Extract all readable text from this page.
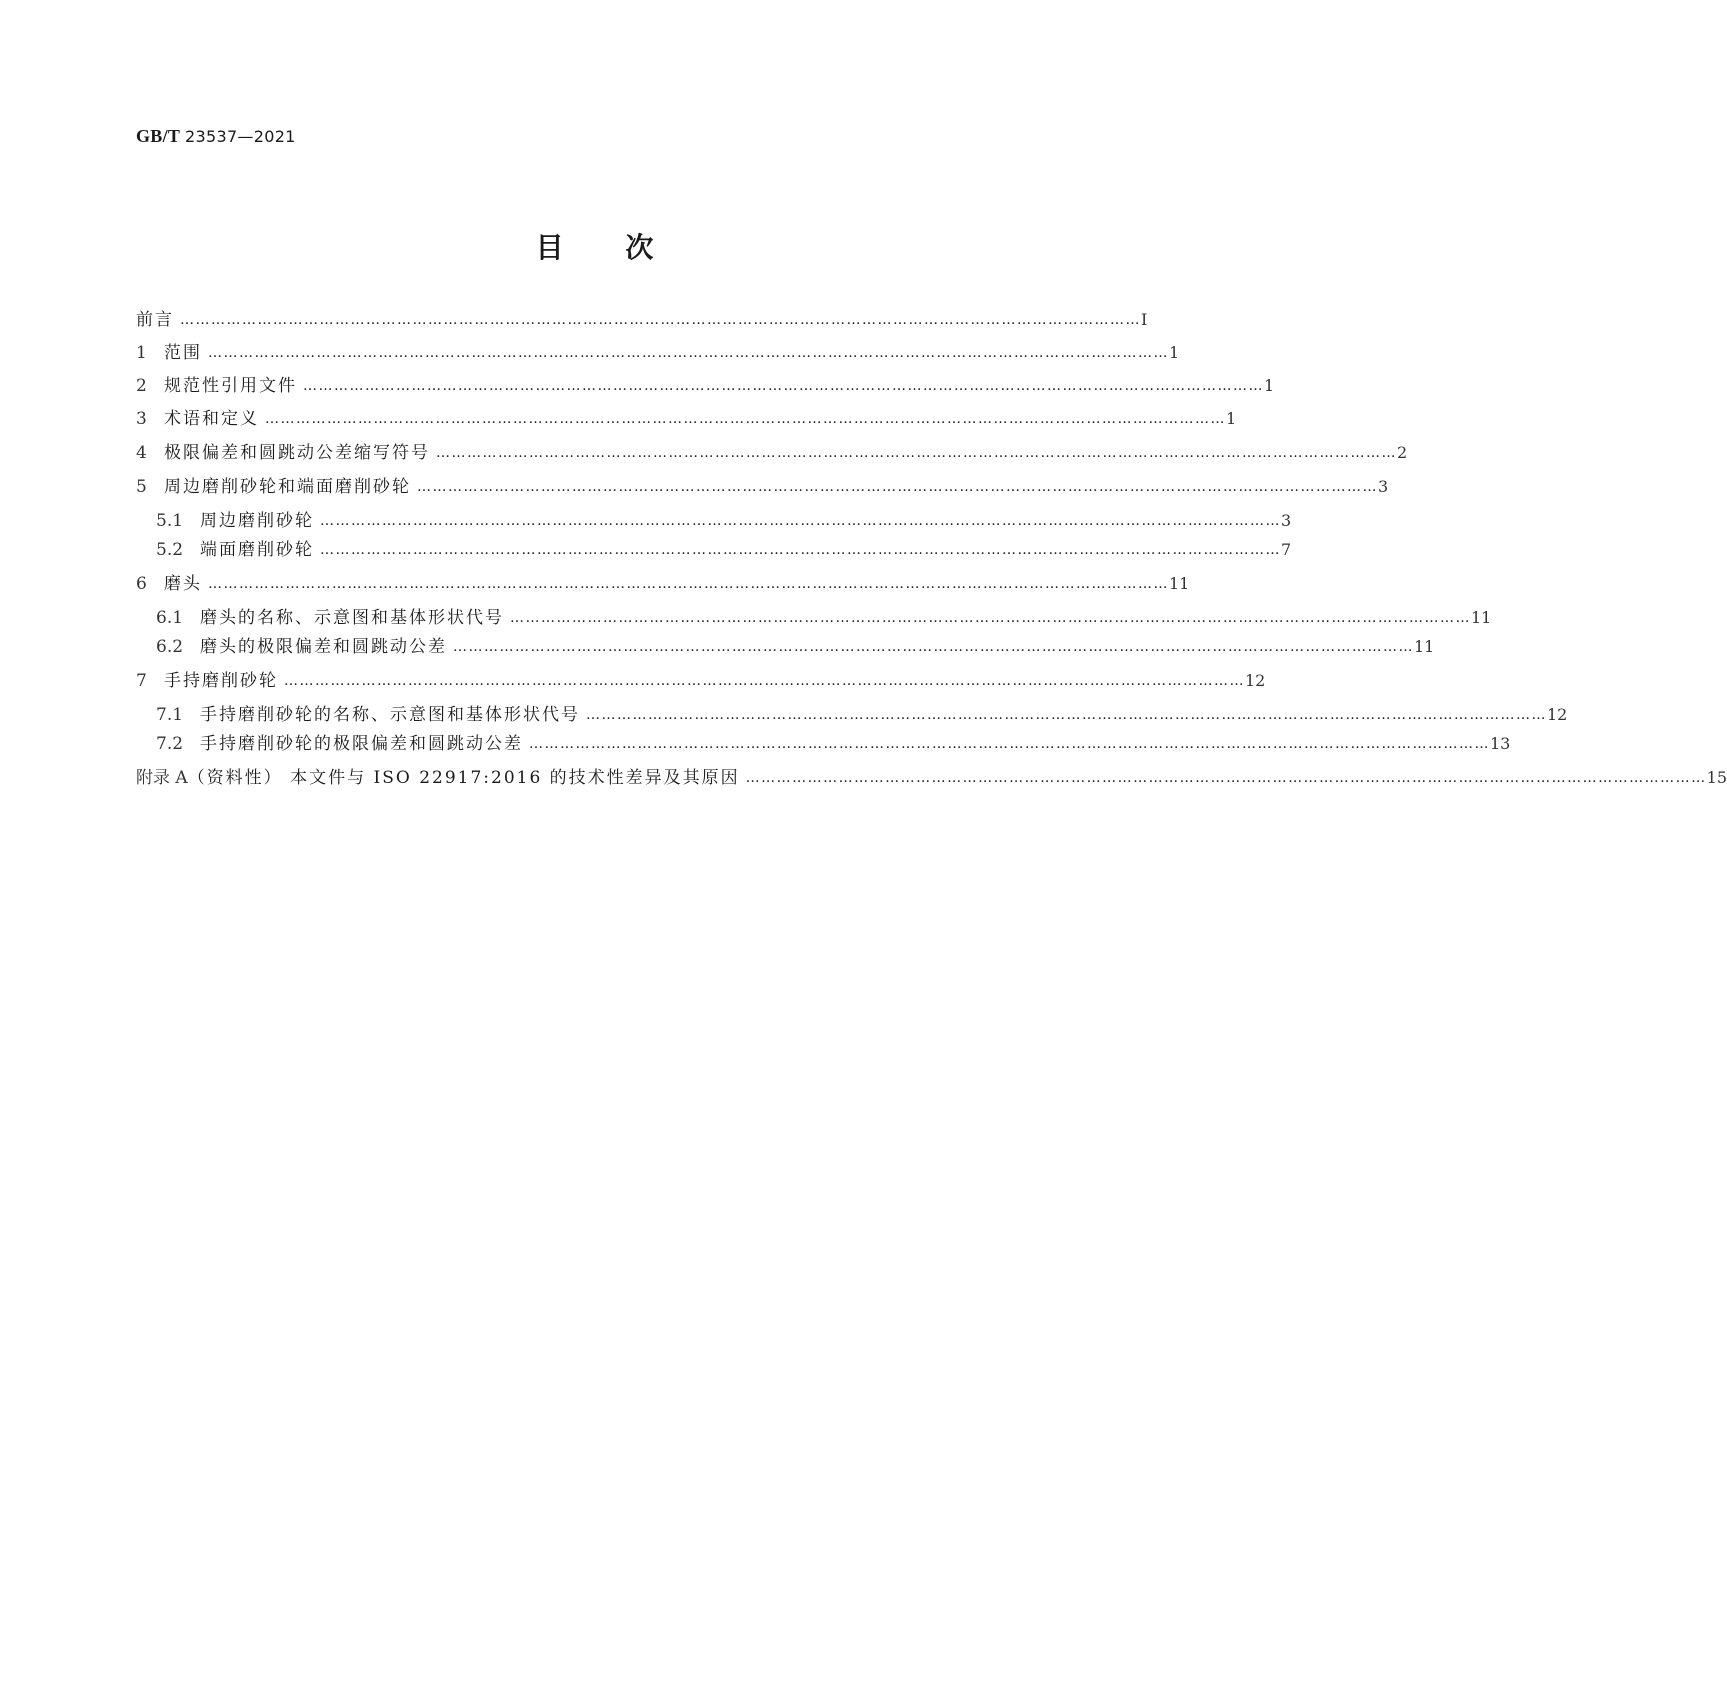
GB/T 23537—2021
目 次
前言 …………………………………………………………………………………………………………………………………………………………………… Ⅰ
1 范围 …………………………………………………………………………………………………………………………………………………………………… 1
2 规范性引用文件 …………………………………………………………………………………………………………………………………………………………………… 1
3 术语和定义 …………………………………………………………………………………………………………………………………………………………………… 1
4 极限偏差和圆跳动公差缩写符号 …………………………………………………………………………………………………………………………………………………………………… 2
5 周边磨削砂轮和端面磨削砂轮 …………………………………………………………………………………………………………………………………………………………………… 3
5.1 周边磨削砂轮 …………………………………………………………………………………………………………………………………………………………………… 3
5.2 端面磨削砂轮 …………………………………………………………………………………………………………………………………………………………………… 7
6 磨头 …………………………………………………………………………………………………………………………………………………………………… 11
6.1 磨头的名称、示意图和基体形状代号 …………………………………………………………………………………………………………………………………………………………………… 11
6.2 磨头的极限偏差和圆跳动公差 …………………………………………………………………………………………………………………………………………………………………… 11
7 手持磨削砂轮 …………………………………………………………………………………………………………………………………………………………………… 12
7.1 手持磨削砂轮的名称、示意图和基体形状代号 …………………………………………………………………………………………………………………………………………………………………… 12
7.2 手持磨削砂轮的极限偏差和圆跳动公差 …………………………………………………………………………………………………………………………………………………………………… 13
附录 A（资料性） 本文件与 ISO 22917:2016 的技术性差异及其原因 …………………………………………………………………………………………………………………………………………………………………… 15
